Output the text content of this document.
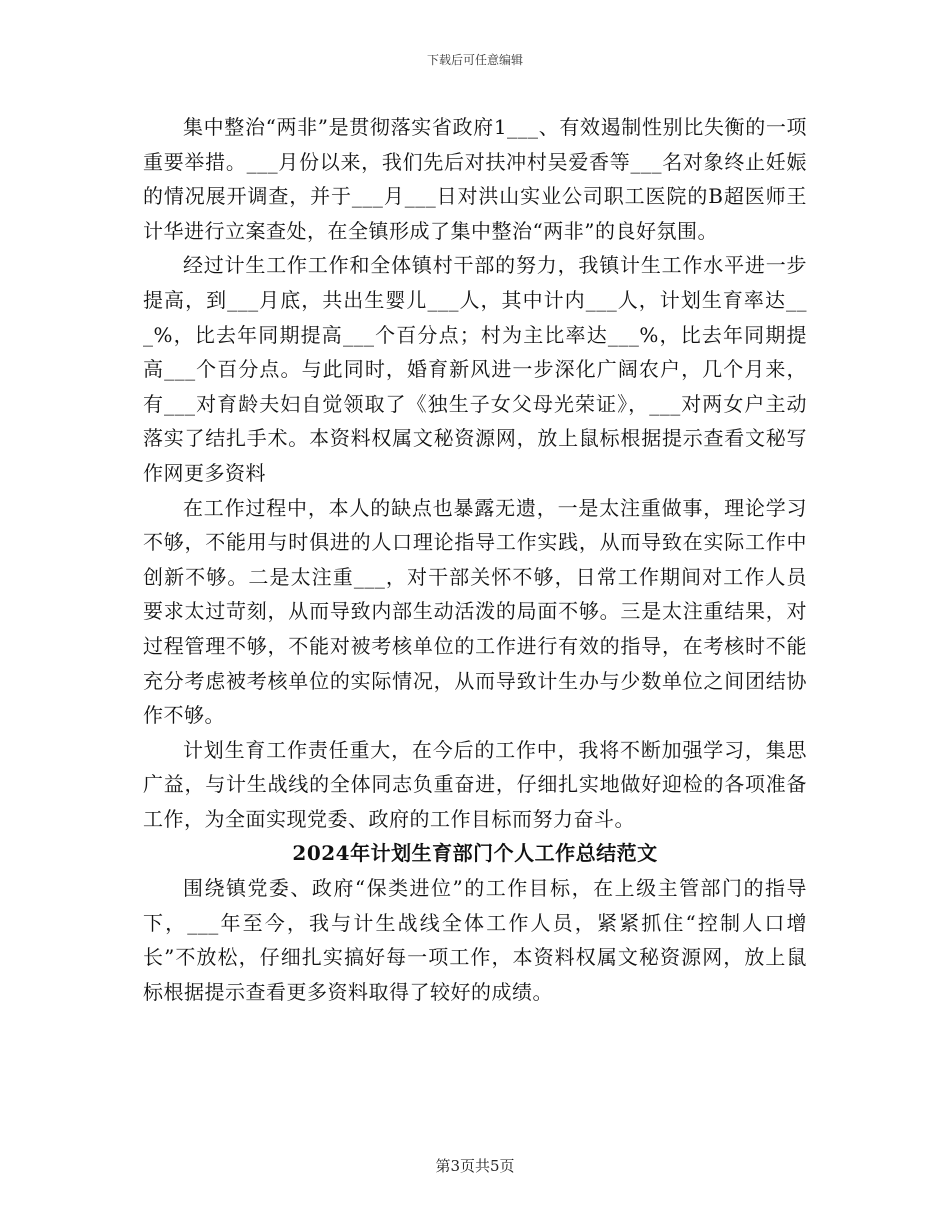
下载后可任意编辑

集中整治“两非”是贯彻落实省政府1___、有效遏制性别比失衡的一项重要举措。___月份以来，我们先后对扶冲村吴爱香等___名对象终止妊娠的情况展开调查，并于___月___日对洪山实业公司职工医院的B超医师王计华进行立案查处，在全镇形成了集中整治“两非”的良好氛围。

经过计生工作工作和全体镇村干部的努力，我镇计生工作水平进一步提高，到___月底，共出生婴儿___人，其中计内___人，计划生育率达___%，比去年同期提高___个百分点；村为主比率达___%，比去年同期提高___个百分点。与此同时，婚育新风进一步深化广阔农户，几个月来，有___对育龄夫妇自觉领取了《独生子女父母光荣证》，___对两女户主动落实了结扎手术。本资料权属文秘资源网，放上鼠标根据提示查看文秘写作网更多资料

在工作过程中，本人的缺点也暴露无遗，一是太注重做事，理论学习不够，不能用与时俱进的人口理论指导工作实践，从而导致在实际工作中创新不够。二是太注重___，对干部关怀不够，日常工作期间对工作人员要求太过苛刻，从而导致内部生动活泼的局面不够。三是太注重结果，对过程管理不够，不能对被考核单位的工作进行有效的指导，在考核时不能充分考虑被考核单位的实际情况，从而导致计生办与少数单位之间团结协作不够。

计划生育工作责任重大，在今后的工作中，我将不断加强学习，集思广益，与计生战线的全体同志负重奋进，仔细扎实地做好迎检的各项准备工作，为全面实现党委、政府的工作目标而努力奋斗。

2024年计划生育部门个人工作总结范文

围绕镇党委、政府“保类进位”的工作目标，在上级主管部门的指导下，___年至今，我与计生战线全体工作人员，紧紧抓住“控制人口增长”不放松，仔细扎实搞好每一项工作，本资料权属文秘资源网，放上鼠标根据提示查看更多资料取得了较好的成绩。

第3页共5页
